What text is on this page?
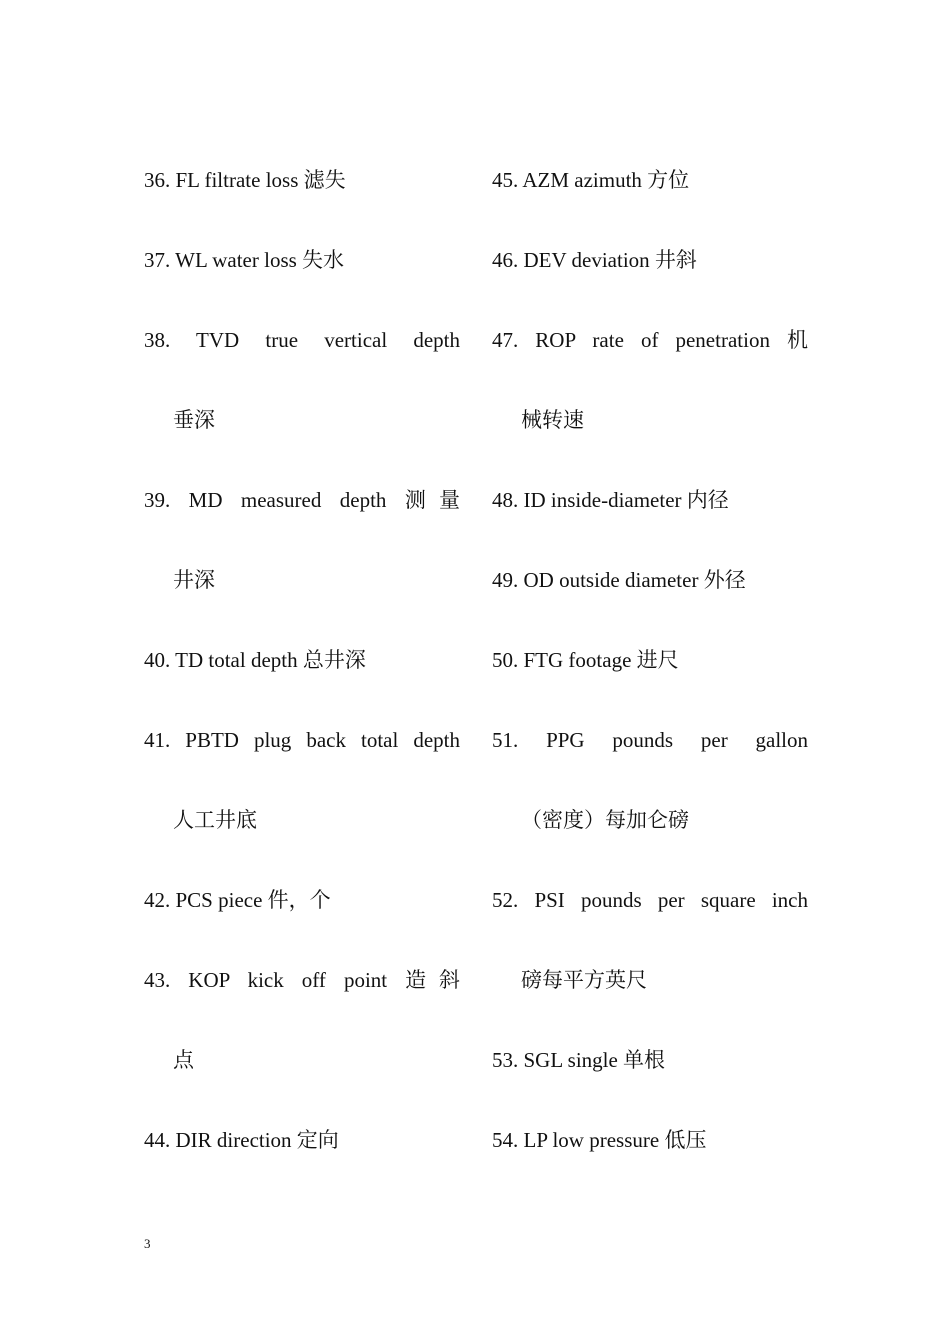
36. FL filtrate loss 滤失
37. WL water loss 失水
38. TVD true vertical depth
垂深
39. MD measured depth 测量
井深
40. TD total depth 总井深
41. PBTD plug back total depth
人工井底
42. PCS piece 件，个
43. KOP kick off point 造斜
点
44. DIR direction 定向
45. AZM azimuth 方位
46. DEV deviation 井斜
47. ROP rate of penetration 机
械转速
48. ID inside-diameter 内径
49. OD outside diameter 外径
50. FTG footage 进尺
51. PPG pounds per gallon
（密度）每加仑磅
52. PSI pounds per square inch
磅每平方英尺
53. SGL single 单根
54. LP low pressure 低压
3
